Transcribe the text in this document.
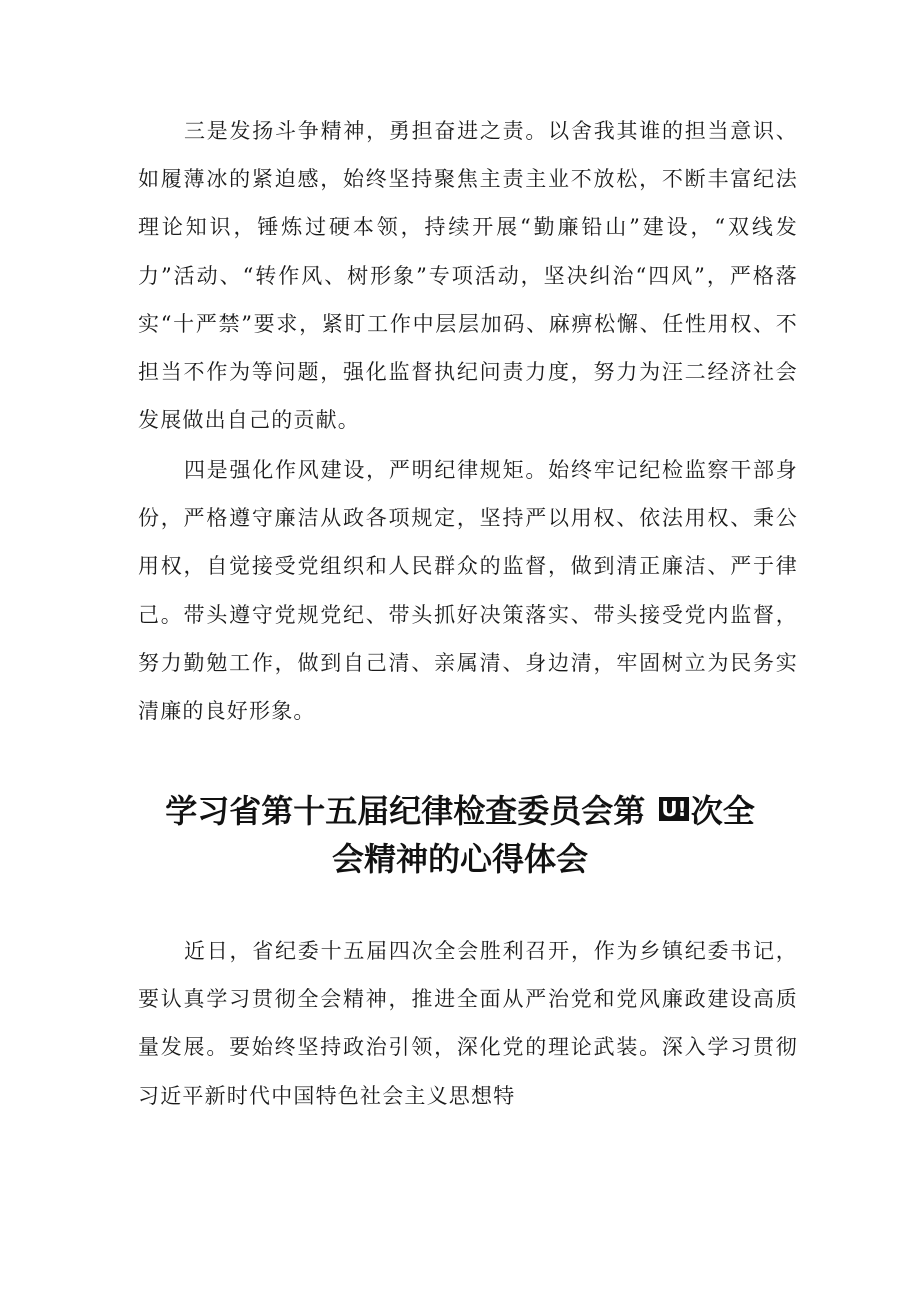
三是发扬斗争精神，勇担奋进之责。以舍我其谁的担当意识、如履薄冰的紧迫感，始终坚持聚焦主责主业不放松，不断丰富纪法理论知识，锤炼过硬本领，持续开展“勤廉铅山”建设，“双线发力”活动、“转作风、树形象”专项活动，坚决纠治“四风”，严格落实“十严禁”要求，紧盯工作中层层加码、麻痹松懈、任性用权、不担当不作为等问题，强化监督执纪问责力度，努力为汪二经济社会发展做出自己的贡献。

四是强化作风建设，严明纪律规矩。始终牢记纪检监察干部身份，严格遵守廉洁从政各项规定，坚持严以用权、依法用权、秉公用权，自觉接受党组织和人民群众的监督，做到清正廉洁、严于律己。带头遵守党规党纪、带头抓好决策落实、带头接受党内监督，努力勤勉工作，做到自己清、亲属清、身边清，牢固树立为民务实清廉的良好形象。

学习省第十五届纪律检查委员会第 U! 次全
会精神的心得体会

近日，省纪委十五届四次全会胜利召开，作为乡镇纪委书记，要认真学习贯彻全会精神，推进全面从严治党和党风廉政建设高质量发展。要始终坚持政治引领，深化党的理论武装。深入学习贯彻习近平新时代中国特色社会主义思想特
